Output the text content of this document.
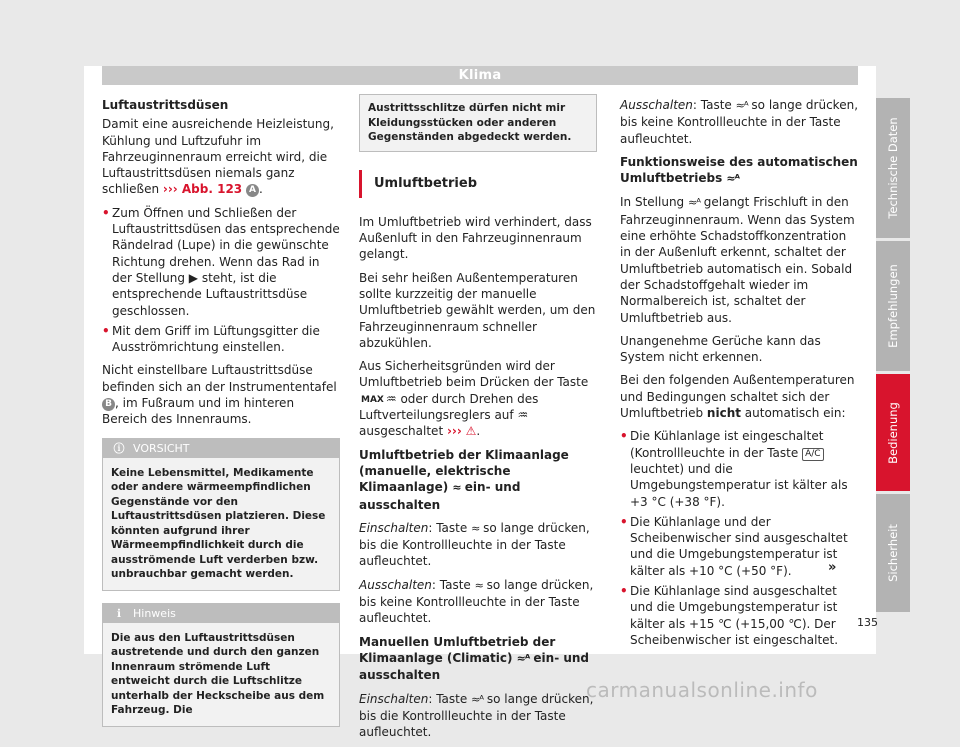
Klima

Luftaustrittsdüsen

Damit eine ausreichende Heizleistung, Kühlung und Luftzufuhr im Fahrzeuginnenraum erreicht wird, die Luftaustrittsdüsen niemals ganz schließen ››› Abb. 123 A .

• Zum Öffnen und Schließen der Luftaustrittsdüsen das entsprechende Rändelrad (Lupe) in die gewünschte Richtung drehen. Wenn das Rad in der Stellung ▶ steht, ist die entsprechende Luftaustrittsdüse geschlossen.
• Mit dem Griff im Lüftungsgitter die Ausströmrichtung einstellen.

Nicht einstellbare Luftaustrittsdüse befinden sich an der Instrumententafel B , im Fußraum und im hinteren Bereich des Innenraums.

ⓘ VORSICHT
Keine Lebensmittel, Medikamente oder andere wärmeempfindlichen Gegenstände vor den Luftaustrittsdüsen platzieren. Diese könnten aufgrund ihrer Wärmeempfindlichkeit durch die ausströmende Luft verderben bzw. unbrauchbar gemacht werden.
ℹ Hinweis
Die aus den Luftaustrittsdüsen austretende und durch den ganzen Innenraum strömende Luft entweicht durch die Luftschlitze unterhalb der Heckscheibe aus dem Fahrzeug. Die
Austrittsschlitze dürfen nicht mir Kleidungsstücken oder anderen Gegenständen abgedeckt werden.
Umluftbetrieb

Im Umluftbetrieb wird verhindert, dass Außenluft in den Fahrzeuginnenraum gelangt.

Bei sehr heißen Außentemperaturen sollte kurzzeitig der manuelle Umluftbetrieb gewählt werden, um den Fahrzeuginnenraum schneller abzukühlen.

Aus Sicherheitsgründen wird der Umluftbetrieb beim Drücken der Taste MAX ♒ oder durch Drehen des Luftverteilungsreglers auf ♒ ausgeschaltet ››› ⚠.

Umluftbetrieb der Klimaanlage (manuelle, elektrische Klimaanlage) ≈ ein- und ausschalten

Einschalten: Taste ≈ so lange drücken, bis die Kontrollleuchte in der Taste aufleuchtet.

Ausschalten: Taste ≈ so lange drücken, bis keine Kontrollleuchte in der Taste aufleuchtet.

Manuellen Umluftbetrieb der Klimaanlage (Climatic) ≈ᴬ ein- und ausschalten

Einschalten: Taste ≈ᴬ so lange drücken, bis die Kontrollleuchte in der Taste aufleuchtet.

Ausschalten: Taste ≈ᴬ so lange drücken, bis keine Kontrollleuchte in der Taste aufleuchtet.

Funktionsweise des automatischen Umluftbetriebs ≈ᴬ

In Stellung ≈ᴬ gelangt Frischluft in den Fahrzeuginnenraum. Wenn das System eine erhöhte Schadstoffkonzentration in der Außenluft erkennt, schaltet der Umluftbetrieb automatisch ein. Sobald der Schadstoffgehalt wieder im Normalbereich ist, schaltet der Umluftbetrieb aus.

Unangenehme Gerüche kann das System nicht erkennen.

Bei den folgenden Außentemperaturen und Bedingungen schaltet sich der Umluftbetrieb nicht automatisch ein:

• Die Kühlanlage ist eingeschaltet (Kontrollleuchte in der Taste A/C leuchtet) und die Umgebungstemperatur ist kälter als +3 °C (+38 °F).
• Die Kühlanlage und der Scheibenwischer sind ausgeschaltet und die Umgebungstemperatur ist kälter als +10 °C (+50 °F).
• Die Kühlanlage sind ausgeschaltet und die Umgebungstemperatur ist kälter als +15 ℃ (+15,00 ℃). Der Scheibenwischer ist eingeschaltet.
»
Technische Daten
Empfehlungen
Bedienung
Sicherheit
135
carmanualsonline.info
